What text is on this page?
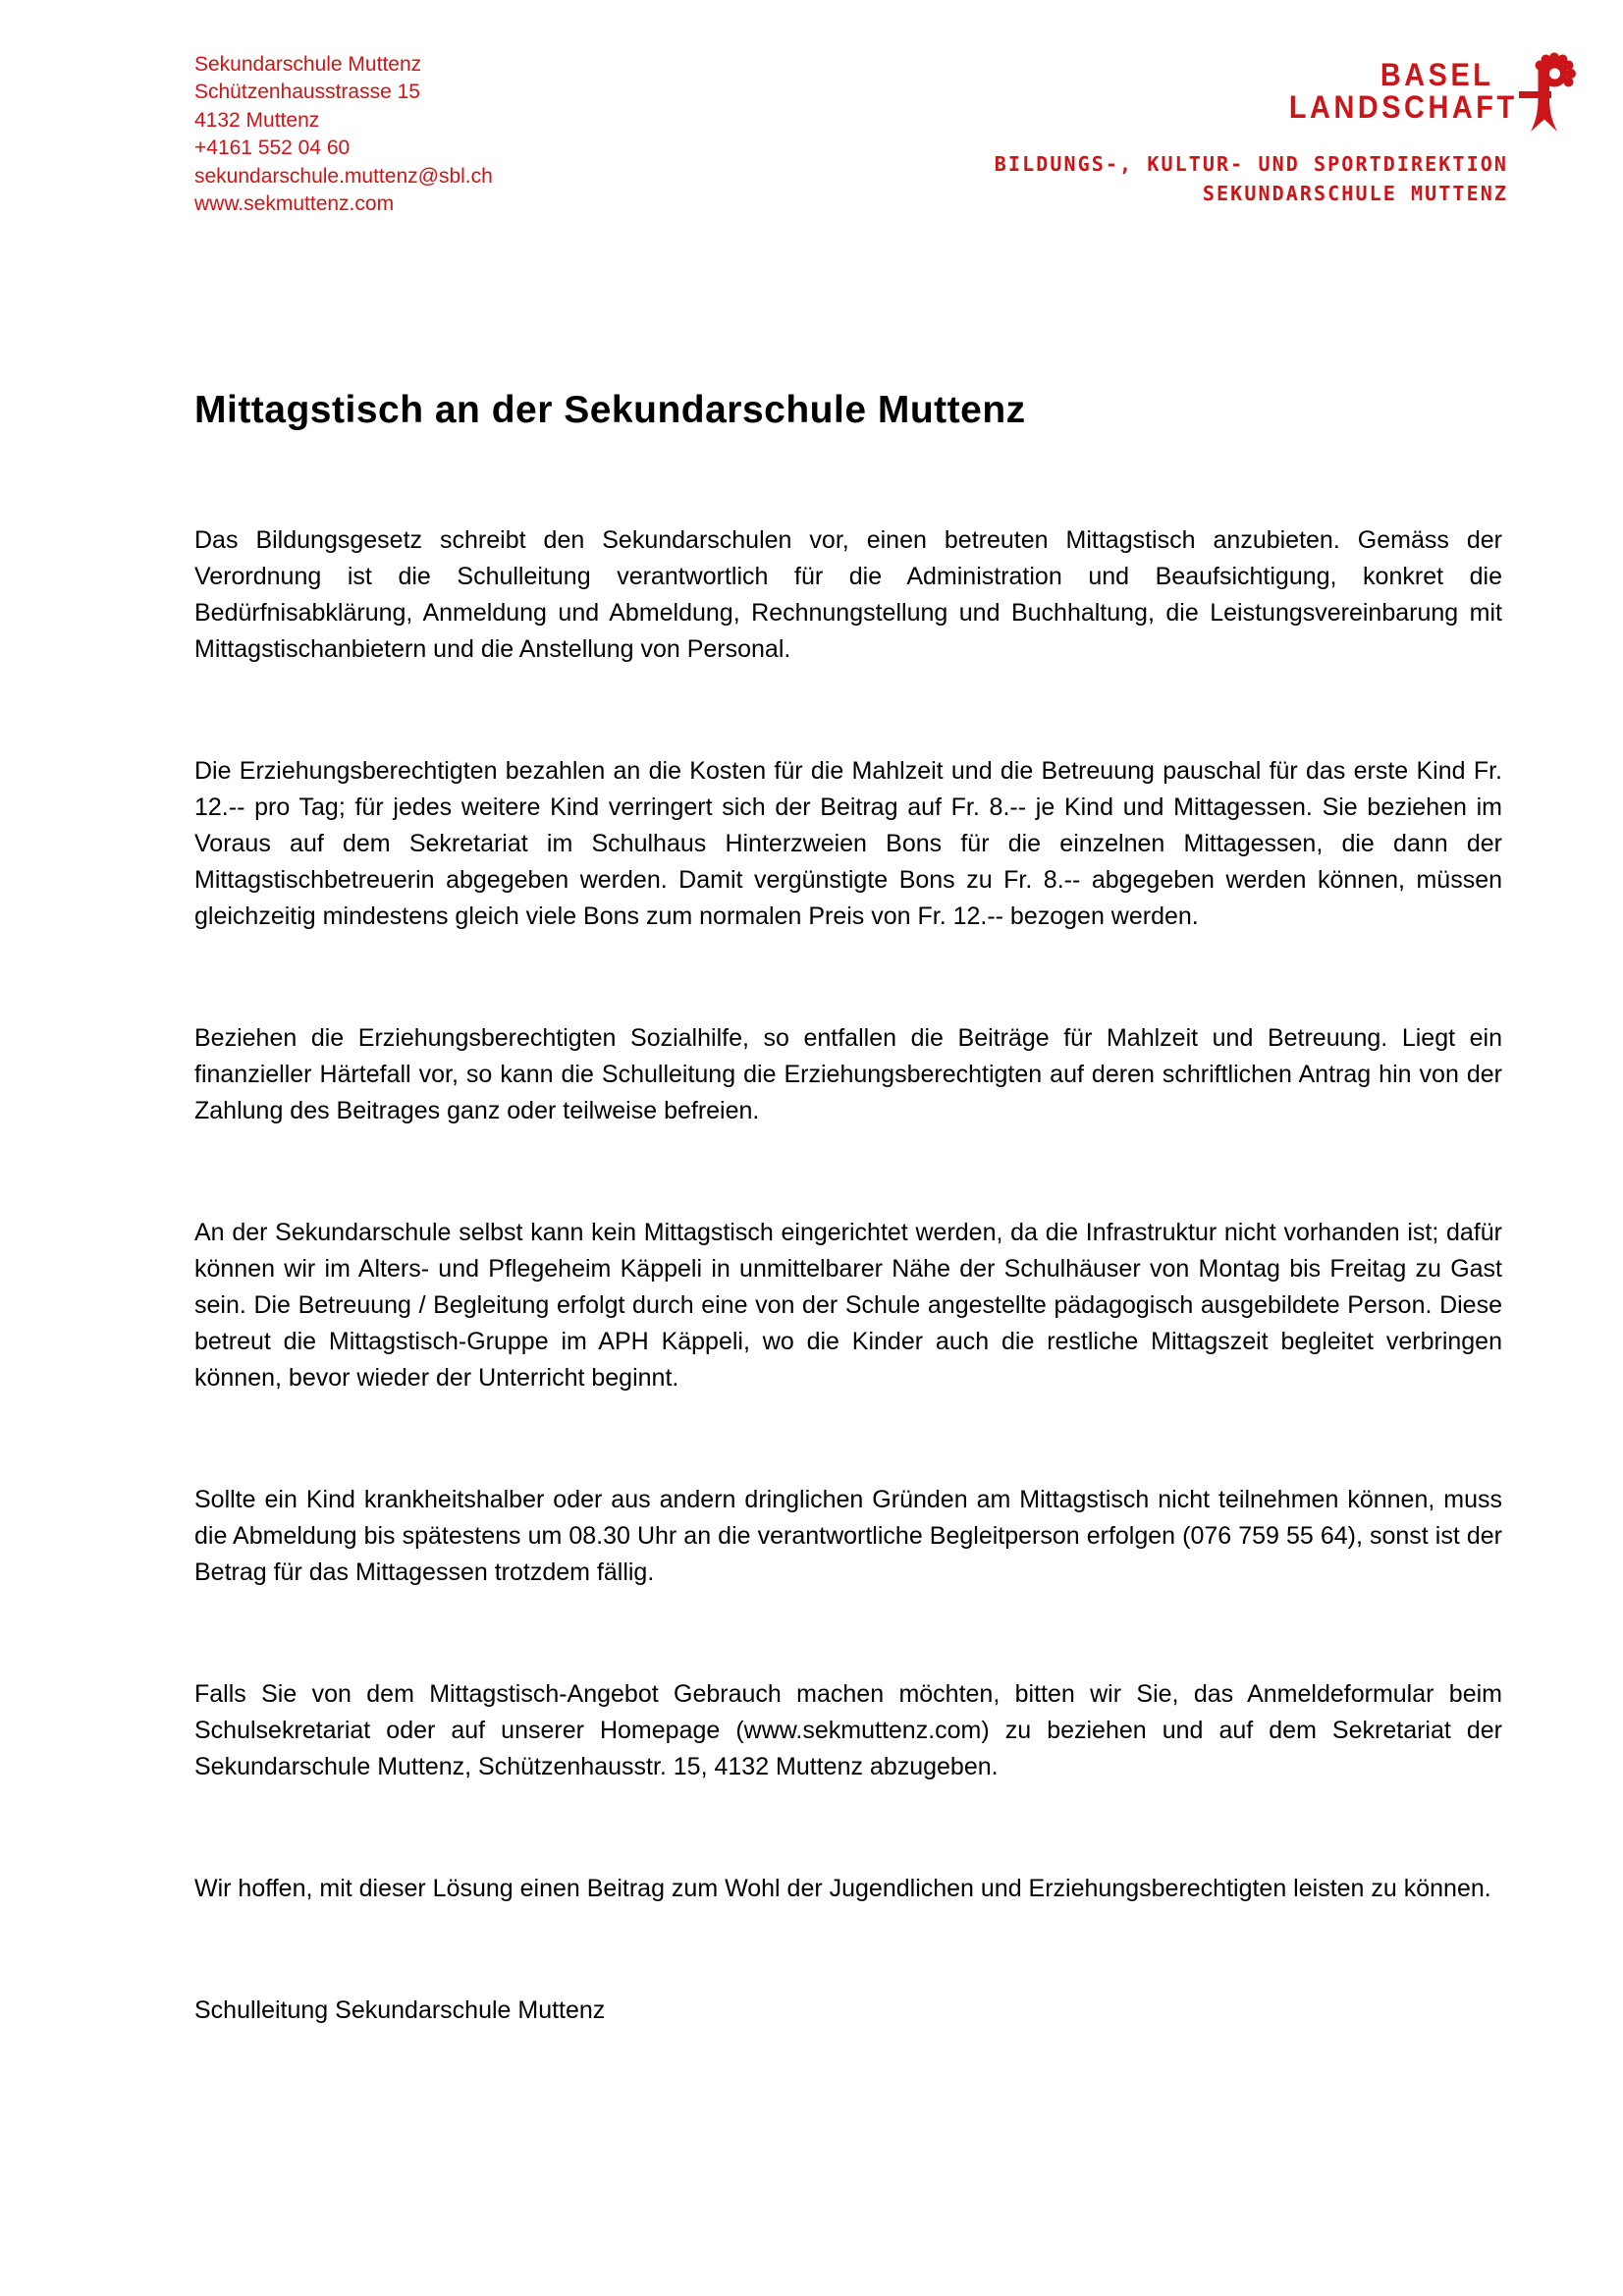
Sekundarschule Muttenz
Schützenhausstrasse 15
4132 Muttenz
+4161 552 04 60
sekundarschule.muttenz@sbl.ch
www.sekmuttenz.com
BASEL
LANDSCHAFT
BILDUNGS-, KULTUR- UND SPORTDIREKTION
SEKUNDARSCHULE MUTTENZ
Mittagstisch an der Sekundarschule Muttenz

Das Bildungsgesetz schreibt den Sekundarschulen vor, einen betreuten Mittagstisch anzubieten. Gemäss der Verordnung ist die Schulleitung verantwortlich für die Administration und Beaufsichtigung, konkret die Bedürfnisabklärung, Anmeldung und Abmeldung, Rechnungstellung und Buchhaltung, die Leistungsvereinbarung mit Mittagstischanbietern und die Anstellung von Personal.

Die Erziehungsberechtigten bezahlen an die Kosten für die Mahlzeit und die Betreuung pauschal für das erste Kind Fr. 12.-- pro Tag; für jedes weitere Kind verringert sich der Beitrag auf Fr. 8.-- je Kind und Mittagessen. Sie beziehen im Voraus auf dem Sekretariat im Schulhaus Hinterzweien Bons für die einzelnen Mittagessen, die dann der Mittagstischbetreuerin abgegeben werden. Damit vergünstigte Bons zu Fr. 8.-- abgegeben werden können, müssen gleichzeitig mindestens gleich viele Bons zum normalen Preis von Fr. 12.-- bezogen werden.

Beziehen die Erziehungsberechtigten Sozialhilfe, so entfallen die Beiträge für Mahlzeit und Betreuung. Liegt ein finanzieller Härtefall vor, so kann die Schulleitung die Erziehungsberechtigten auf deren schriftlichen Antrag hin von der Zahlung des Beitrages ganz oder teilweise befreien.

An der Sekundarschule selbst kann kein Mittagstisch eingerichtet werden, da die Infrastruktur nicht vorhanden ist; dafür können wir im Alters- und Pflegeheim Käppeli in unmittelbarer Nähe der Schulhäuser von Montag bis Freitag zu Gast sein. Die Betreuung / Begleitung erfolgt durch eine von der Schule angestellte pädagogisch ausgebildete Person. Diese betreut die Mittagstisch-Gruppe im APH Käppeli, wo die Kinder auch die restliche Mittagszeit begleitet verbringen können, bevor wieder der Unterricht beginnt.

Sollte ein Kind krankheitshalber oder aus andern dringlichen Gründen am Mittagstisch nicht teilnehmen können, muss die Abmeldung bis spätestens um 08.30 Uhr an die verantwortliche Begleitperson erfolgen (076 759 55 64), sonst ist der Betrag für das Mittagessen trotzdem fällig.

Falls Sie von dem Mittagstisch-Angebot Gebrauch machen möchten, bitten wir Sie, das Anmeldeformular beim Schulsekretariat oder auf unserer Homepage (www.sekmuttenz.com) zu beziehen und auf dem Sekretariat der Sekundarschule Muttenz, Schützenhausstr. 15, 4132 Muttenz abzugeben.

Wir hoffen, mit dieser Lösung einen Beitrag zum Wohl der Jugendlichen und Erziehungsberechtigten leisten zu können.

Schulleitung Sekundarschule Muttenz
